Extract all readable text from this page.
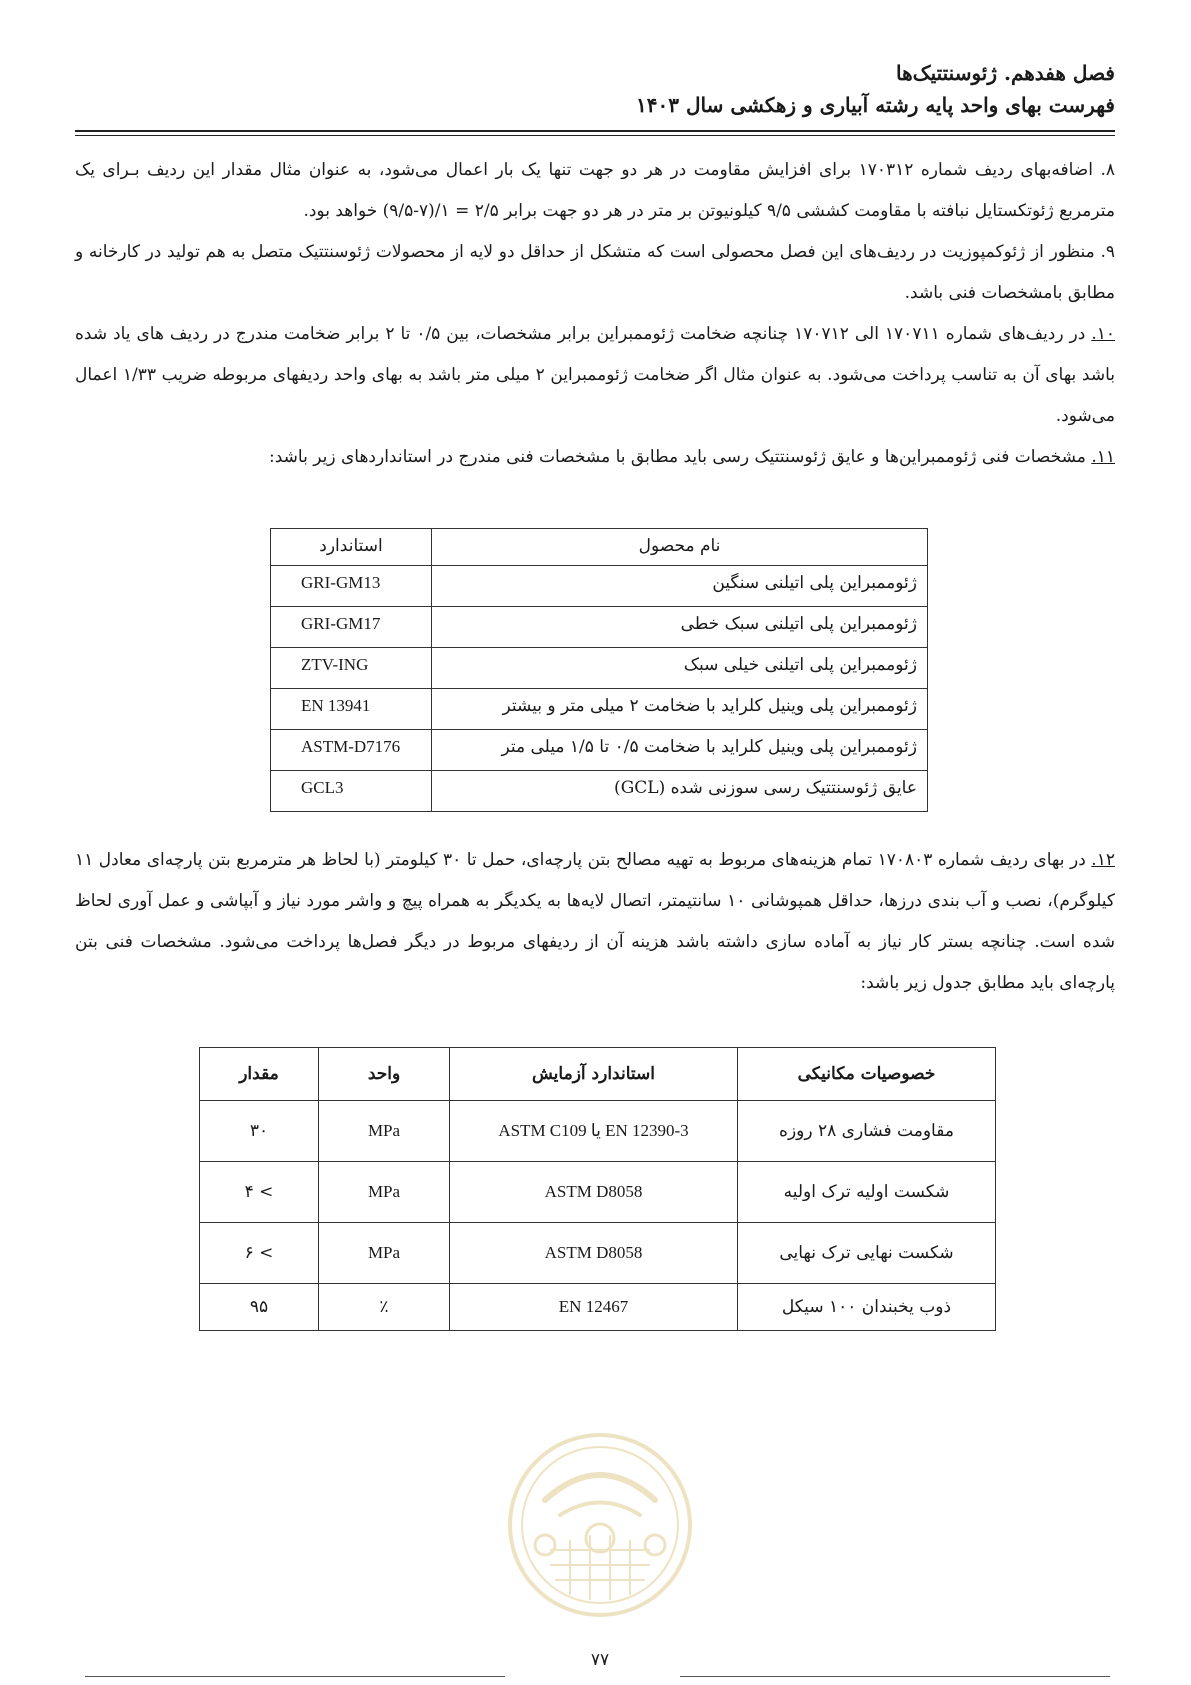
فصل هفدهم. ژئوسنتتیک‌ها
فهرست بهای واحد پایه رشته آبیاری و زهکشی سال ۱۴۰۳
۸. اضافه‌بهای ردیف شماره ۱۷۰۳۱۲ برای افزایش مقاومت در هر دو جهت تنها یک بار اعمال می‌شود، به عنوان مثال مقدار این ردیف بـرای یک مترمربع ژئوتکستایل نبافته با مقاومت کششی ۹/۵ کیلونیوتن بر متر در هر دو جهت برابر ۲/۵ = ۱/(۷-۹/۵) خواهد بود.
۹. منظور از ژئوکمپوزیت در ردیف‌های این فصل محصولی است که متشکل از حداقل دو لایه از محصولات ژئوسنتتیک متصل به هم تولید در کارخانه و مطابق بامشخصات فنی باشد.
۱۰. در ردیف‌های شماره ۱۷۰۷۱۱ الی ۱۷۰۷۱۲ چنانچه ضخامت ژئوممبراین برابر مشخصات، بین ۰/۵ تا ۲ برابر ضخامت مندرج در ردیف های یاد شده باشد بهای آن به تناسب پرداخت می‌شود. به عنوان مثال اگر ضخامت ژئوممبراین ۲ میلی متر باشد به بهای واحد ردیفهای مربوطه ضریب ۱/۳۳ اعمال می‌شود.
۱۱. مشخصات فنی ژئوممبراین‌ها و عایق ژئوسنتتیک رسی باید مطابق با مشخصات فنی مندرج در استانداردهای زیر باشد:
نام محصول	استاندارد
ژئوممبراین پلی اتیلنی سنگین	GRI-GM13

ژئوممبراین پلی اتیلنی سبک خطی	GRI-GM17

ژئوممبراین پلی اتیلنی خیلی سبک	ZTV-ING

ژئوممبراین پلی وینیل کلراید با ضخامت ۲ میلی متر و بیشتر	EN 13941

ژئوممبراین پلی وینیل کلراید با ضخامت ۰/۵ تا ۱/۵ میلی متر	ASTM-D7176

عایق ژئوسنتتیک رسی سوزنی شده (GCL)	GCL3
۱۲. در بهای ردیف شماره ۱۷۰۸۰۳ تمام هزینه‌های مربوط به تهیه مصالح بتن پارچه‌ای، حمل تا ۳۰ کیلومتر (با لحاظ هر مترمربع بتن پارچه‌ای معادل ۱۱ کیلوگرم)، نصب و آب بندی درزها، حداقل همپوشانی ۱۰ سانتیمتر، اتصال لایه‌ها به یکدیگر به همراه پیچ و واشر مورد نیاز و آبپاشی و عمل آوری لحاظ شده است. چنانچه بستر کار نیاز به آماده سازی داشته باشد هزینه آن از ردیفهای مربوط در دیگر فصل‌ها پرداخت می‌شود. مشخصات فنی بتن پارچه‌ای باید مطابق جدول زیر باشد:
خصوصیات مکانیکی	استاندارد آزمایش	واحد	مقدار
مقاومت فشاری ۲۸ روزه	EN 12390-3 یا ASTM C109	MPa	۳۰
شکست اولیه ترک اولیه	ASTM D8058	MPa	> ۴
شکست نهایی ترک نهایی	ASTM D8058	MPa	> ۶
ذوب یخبندان ۱۰۰ سیکل	EN 12467	٪	۹۵
۷۷
